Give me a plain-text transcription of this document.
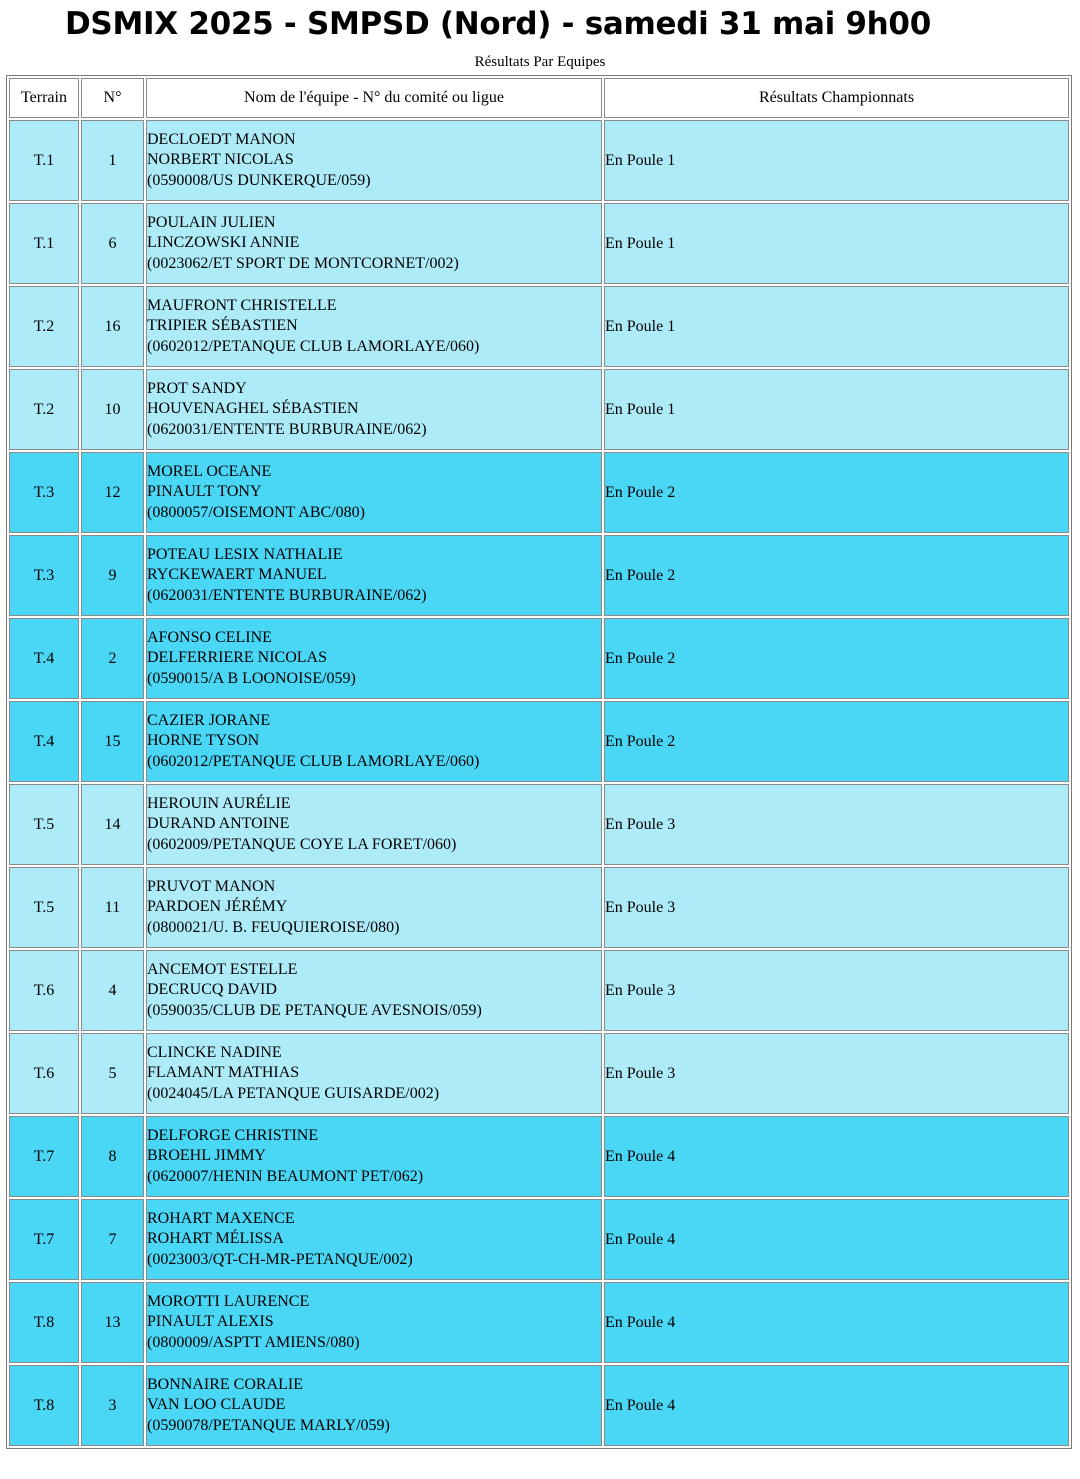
DSMIX 2025 - SMPSD (Nord) - samedi 31 mai 9h00
Résultats Par Equipes
Terrain	N°	Nom de l'équipe - N° du comité ou ligue	Résultats Championnats
T.1	1	DECLOEDT MANON
NORBERT NICOLAS
(0590008/US DUNKERQUE/059)	En Poule 1
T.1	6	POULAIN JULIEN
LINCZOWSKI ANNIE
(0023062/ET SPORT DE MONTCORNET/002)	En Poule 1
T.2	16	MAUFRONT CHRISTELLE
TRIPIER SÉBASTIEN
(0602012/PETANQUE CLUB LAMORLAYE/060)	En Poule 1
T.2	10	PROT SANDY
HOUVENAGHEL SÉBASTIEN
(0620031/ENTENTE BURBURAINE/062)	En Poule 1
T.3	12	MOREL OCEANE
PINAULT TONY
(0800057/OISEMONT ABC/080)	En Poule 2
T.3	9	POTEAU LESIX NATHALIE
RYCKEWAERT MANUEL
(0620031/ENTENTE BURBURAINE/062)	En Poule 2
T.4	2	AFONSO CELINE
DELFERRIERE NICOLAS
(0590015/A B LOONOISE/059)	En Poule 2
T.4	15	CAZIER JORANE
HORNE TYSON
(0602012/PETANQUE CLUB LAMORLAYE/060)	En Poule 2
T.5	14	HEROUIN AURÉLIE
DURAND ANTOINE
(0602009/PETANQUE COYE LA FORET/060)	En Poule 3
T.5	11	PRUVOT MANON
PARDOEN JÉRÉMY
(0800021/U. B. FEUQUIEROISE/080)	En Poule 3
T.6	4	ANCEMOT ESTELLE
DECRUCQ DAVID
(0590035/CLUB DE PETANQUE AVESNOIS/059)	En Poule 3
T.6	5	CLINCKE NADINE
FLAMANT MATHIAS
(0024045/LA PETANQUE GUISARDE/002)	En Poule 3
T.7	8	DELFORGE CHRISTINE
BROEHL JIMMY
(0620007/HENIN BEAUMONT PET/062)	En Poule 4
T.7	7	ROHART MAXENCE
ROHART MÉLISSA
(0023003/QT-CH-MR-PETANQUE/002)	En Poule 4
T.8	13	MOROTTI LAURENCE
PINAULT ALEXIS
(0800009/ASPTT AMIENS/080)	En Poule 4
T.8	3	BONNAIRE CORALIE
VAN LOO CLAUDE
(0590078/PETANQUE MARLY/059)	En Poule 4
